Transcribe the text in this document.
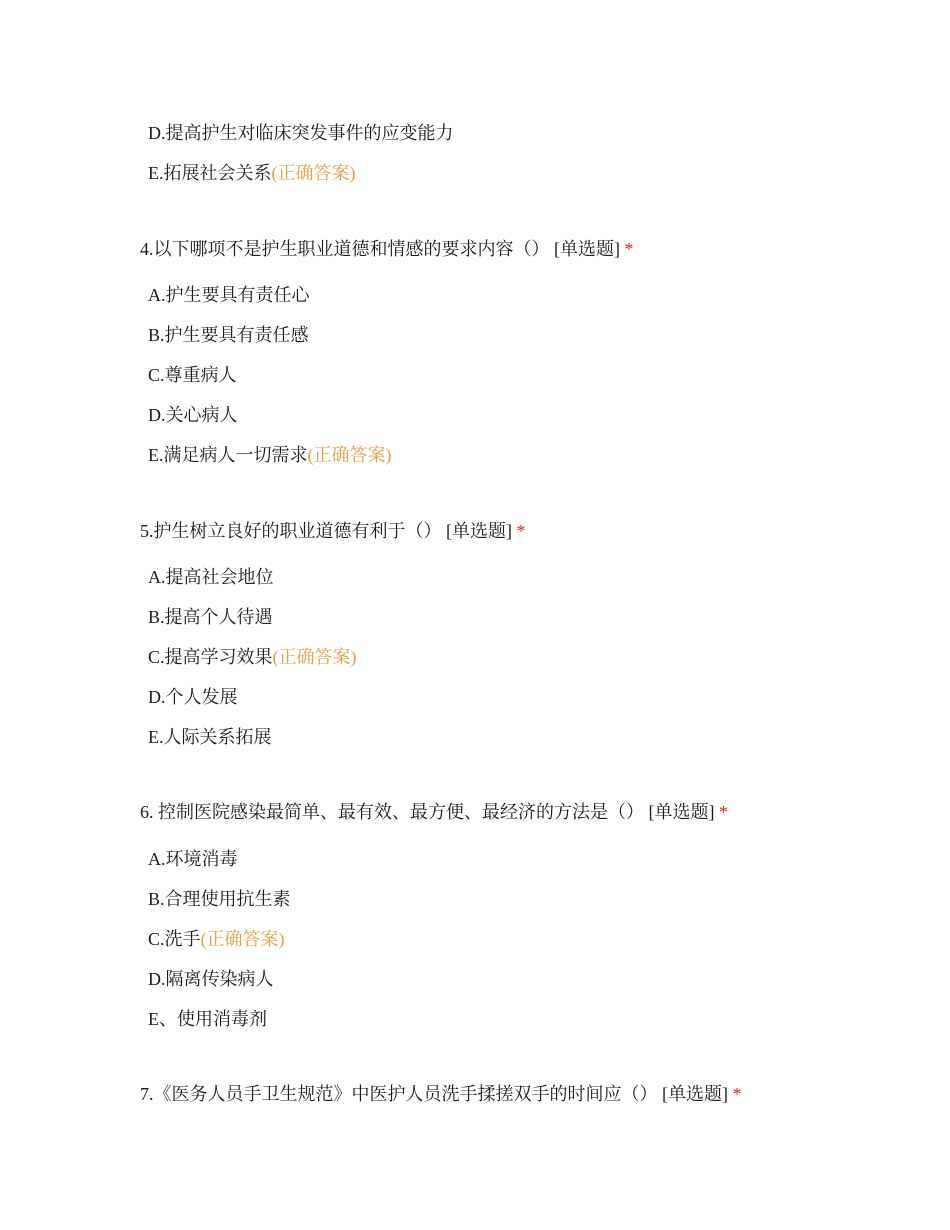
D.提高护生对临床突发事件的应变能力
E.拓展社会关系(正确答案)
4.以下哪项不是护生职业道德和情感的要求内容（） [单选题] *
A.护生要具有责任心
B.护生要具有责任感
C.尊重病人
D.关心病人
E.满足病人一切需求(正确答案)
5.护生树立良好的职业道德有利于（） [单选题] *
A.提高社会地位
B.提高个人待遇
C.提高学习效果(正确答案)
D.个人发展
E.人际关系拓展
6. 控制医院感染最简单、最有效、最方便、最经济的方法是（） [单选题] *
A.环境消毒
B.合理使用抗生素
C.洗手(正确答案)
D.隔离传染病人
E、使用消毒剂
7.《医务人员手卫生规范》中医护人员洗手揉搓双手的时间应（） [单选题] *
